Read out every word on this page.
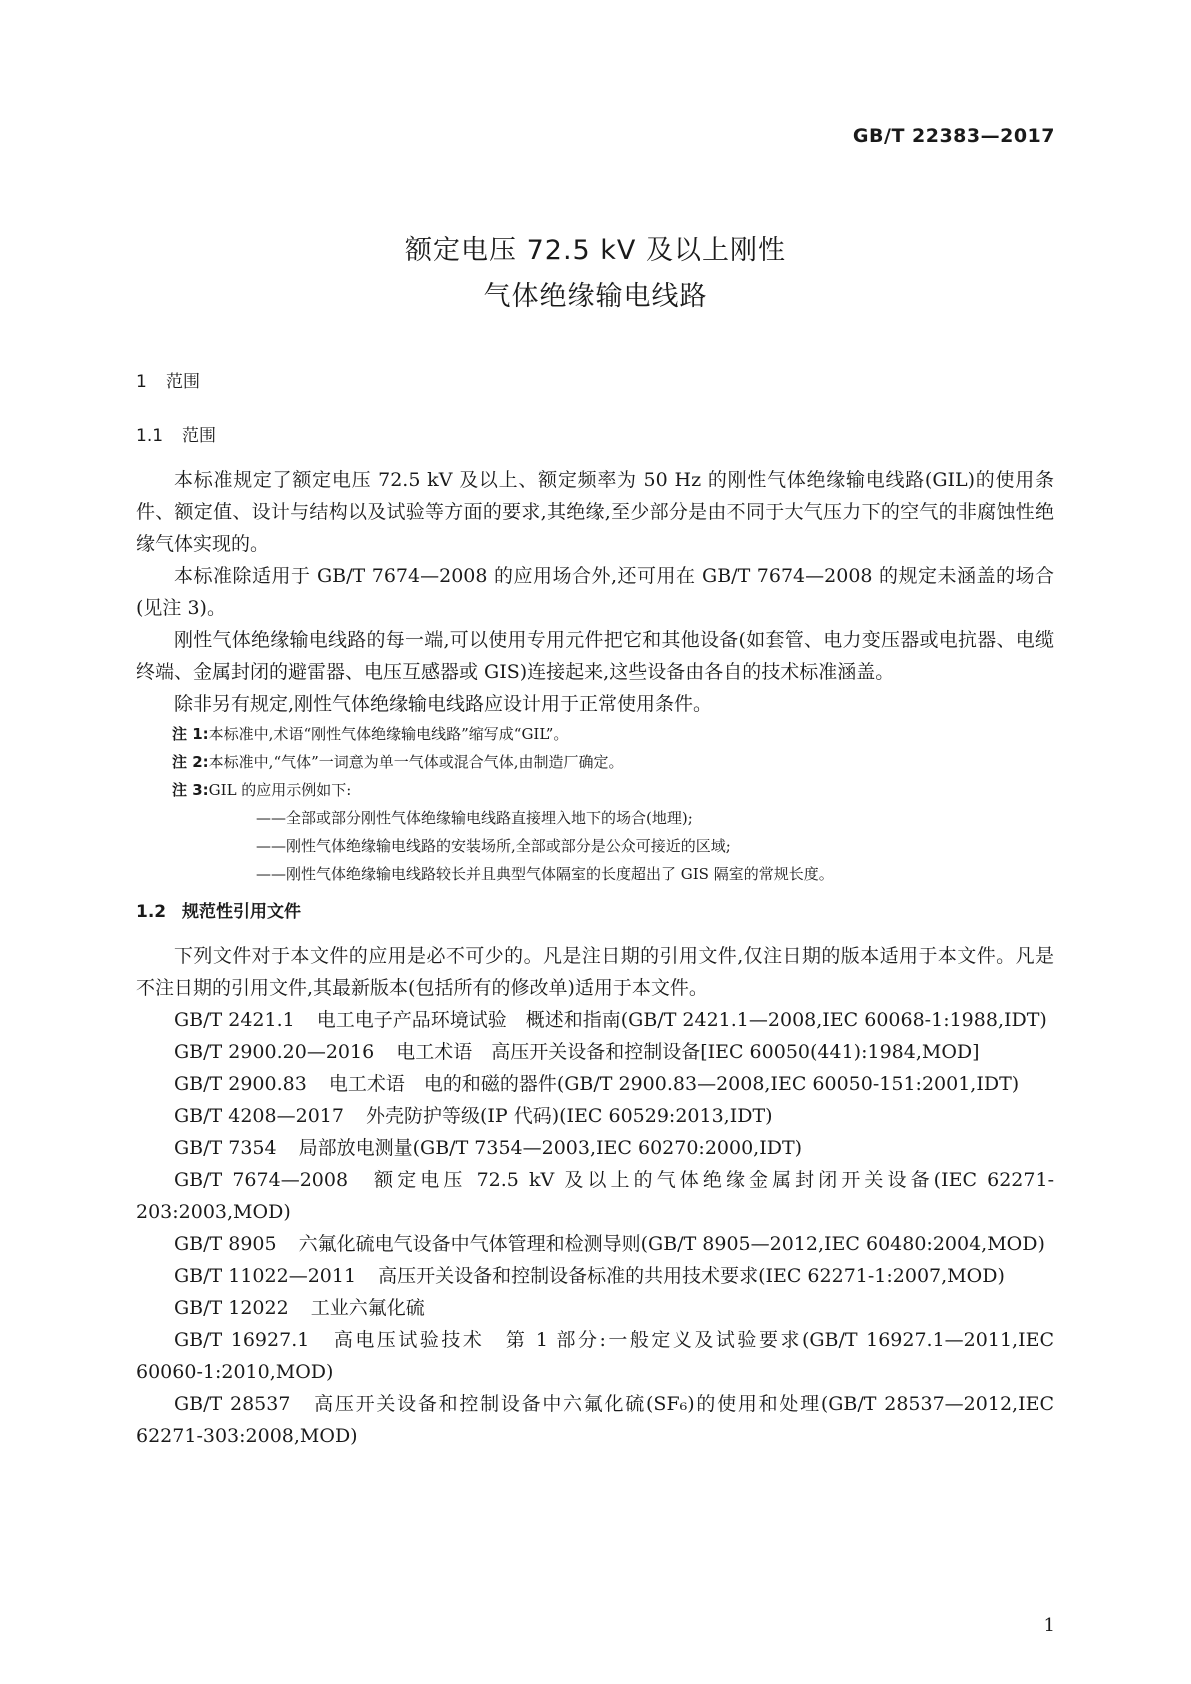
GB/T 22383—2017
额定电压 72.5 kV 及以上刚性
气体绝缘输电线路
1 范围
1.1 范围

本标准规定了额定电压 72.5 kV 及以上、额定频率为 50 Hz 的刚性气体绝缘输电线路(GIL)的使用条件、额定值、设计与结构以及试验等方面的要求,其绝缘,至少部分是由不同于大气压力下的空气的非腐蚀性绝缘气体实现的。

本标准除适用于 GB/T 7674—2008 的应用场合外,还可用在 GB/T 7674—2008 的规定未涵盖的场合(见注 3)。

刚性气体绝缘输电线路的每一端,可以使用专用元件把它和其他设备(如套管、电力变压器或电抗器、电缆终端、金属封闭的避雷器、电压互感器或 GIS)连接起来,这些设备由各自的技术标准涵盖。

除非另有规定,刚性气体绝缘输电线路应设计用于正常使用条件。

注 1:本标准中,术语“刚性气体绝缘输电线路”缩写成“GIL”。
注 2:本标准中,“气体”一词意为单一气体或混合气体,由制造厂确定。
注 3:GIL 的应用示例如下:
——全部或部分刚性气体绝缘输电线路直接埋入地下的场合(地理);
——刚性气体绝缘输电线路的安装场所,全部或部分是公众可接近的区域;
——刚性气体绝缘输电线路较长并且典型气体隔室的长度超出了 GIS 隔室的常规长度。
1.2 规范性引用文件

下列文件对于本文件的应用是必不可少的。凡是注日期的引用文件,仅注日期的版本适用于本文件。凡是不注日期的引用文件,其最新版本(包括所有的修改单)适用于本文件。

GB/T 2421.1 电工电子产品环境试验　概述和指南(GB/T 2421.1—2008,IEC 60068-1:1988,IDT)

GB/T 2900.20—2016 电工术语　高压开关设备和控制设备[IEC 60050(441):1984,MOD]

GB/T 2900.83 电工术语　电的和磁的器件(GB/T 2900.83—2008,IEC 60050-151:2001,IDT)

GB/T 4208—2017 外壳防护等级(IP 代码)(IEC 60529:2013,IDT)

GB/T 7354 局部放电测量(GB/T 7354—2003,IEC 60270:2000,IDT)

GB/T 7674—2008 额定电压 72.5 kV 及以上的气体绝缘金属封闭开关设备(IEC 62271-203:2003,MOD)

GB/T 8905 六氟化硫电气设备中气体管理和检测导则(GB/T 8905—2012,IEC 60480:2004,MOD)

GB/T 11022—2011 高压开关设备和控制设备标准的共用技术要求(IEC 62271-1:2007,MOD)

GB/T 12022 工业六氟化硫

GB/T 16927.1 高电压试验技术　第 1 部分:一般定义及试验要求(GB/T 16927.1—2011,IEC 60060-1:2010,MOD)

GB/T 28537 高压开关设备和控制设备中六氟化硫(SF₆)的使用和处理(GB/T 28537—2012,IEC 62271-303:2008,MOD)

1
